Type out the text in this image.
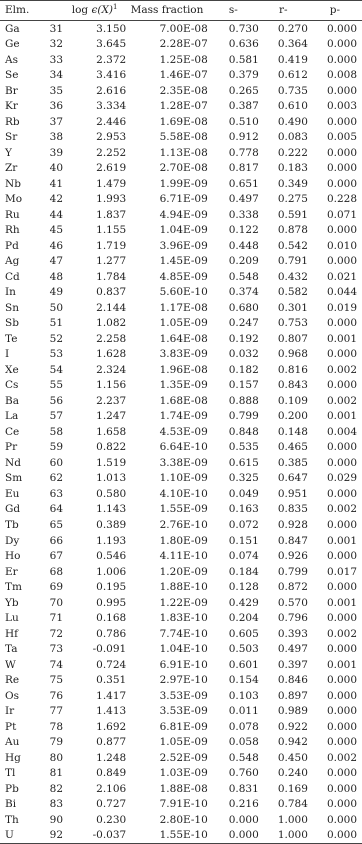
Elm.		$\log \epsilon(X)^1$	Mass fraction	s-	r-	p-
Ga	31	3.150	7.00E-08	0.730	0.270	0.000
Ge	32	3.645	2.28E-07	0.636	0.364	0.000
As	33	2.372	1.25E-08	0.581	0.419	0.000
Se	34	3.416	1.46E-07	0.379	0.612	0.008
Br	35	2.616	2.35E-08	0.265	0.735	0.000
Kr	36	3.334	1.28E-07	0.387	0.610	0.003
Rb	37	2.446	1.69E-08	0.510	0.490	0.000
Sr	38	2.953	5.58E-08	0.912	0.083	0.005
Y	39	2.252	1.13E-08	0.778	0.222	0.000
Zr	40	2.619	2.70E-08	0.817	0.183	0.000
Nb	41	1.479	1.99E-09	0.651	0.349	0.000
Mo	42	1.993	6.71E-09	0.497	0.275	0.228
Ru	44	1.837	4.94E-09	0.338	0.591	0.071
Rh	45	1.155	1.04E-09	0.122	0.878	0.000
Pd	46	1.719	3.96E-09	0.448	0.542	0.010
Ag	47	1.277	1.45E-09	0.209	0.791	0.000
Cd	48	1.784	4.85E-09	0.548	0.432	0.021
In	49	0.837	5.60E-10	0.374	0.582	0.044
Sn	50	2.144	1.17E-08	0.680	0.301	0.019
Sb	51	1.082	1.05E-09	0.247	0.753	0.000
Te	52	2.258	1.64E-08	0.192	0.807	0.001
I	53	1.628	3.83E-09	0.032	0.968	0.000
Xe	54	2.324	1.96E-08	0.182	0.816	0.002
Cs	55	1.156	1.35E-09	0.157	0.843	0.000
Ba	56	2.237	1.68E-08	0.888	0.109	0.002
La	57	1.247	1.74E-09	0.799	0.200	0.001
Ce	58	1.658	4.53E-09	0.848	0.148	0.004
Pr	59	0.822	6.64E-10	0.535	0.465	0.000
Nd	60	1.519	3.38E-09	0.615	0.385	0.000
Sm	62	1.013	1.10E-09	0.325	0.647	0.029
Eu	63	0.580	4.10E-10	0.049	0.951	0.000
Gd	64	1.143	1.55E-09	0.163	0.835	0.002
Tb	65	0.389	2.76E-10	0.072	0.928	0.000
Dy	66	1.193	1.80E-09	0.151	0.847	0.001
Ho	67	0.546	4.11E-10	0.074	0.926	0.000
Er	68	1.006	1.20E-09	0.184	0.799	0.017
Tm	69	0.195	1.88E-10	0.128	0.872	0.000
Yb	70	0.995	1.22E-09	0.429	0.570	0.001
Lu	71	0.168	1.83E-10	0.204	0.796	0.000
Hf	72	0.786	7.74E-10	0.605	0.393	0.002
Ta	73	-0.091	1.04E-10	0.503	0.497	0.000
W	74	0.724	6.91E-10	0.601	0.397	0.001
Re	75	0.351	2.97E-10	0.154	0.846	0.000
Os	76	1.417	3.53E-09	0.103	0.897	0.000
Ir	77	1.413	3.53E-09	0.011	0.989	0.000
Pt	78	1.692	6.81E-09	0.078	0.922	0.000
Au	79	0.877	1.05E-09	0.058	0.942	0.000
Hg	80	1.248	2.52E-09	0.548	0.450	0.002
Tl	81	0.849	1.03E-09	0.760	0.240	0.000
Pb	82	2.106	1.88E-08	0.831	0.169	0.000
Bi	83	0.727	7.91E-10	0.216	0.784	0.000
Th	90	0.230	2.80E-10	0.000	1.000	0.000
U	92	-0.037	1.55E-10	0.000	1.000	0.000
